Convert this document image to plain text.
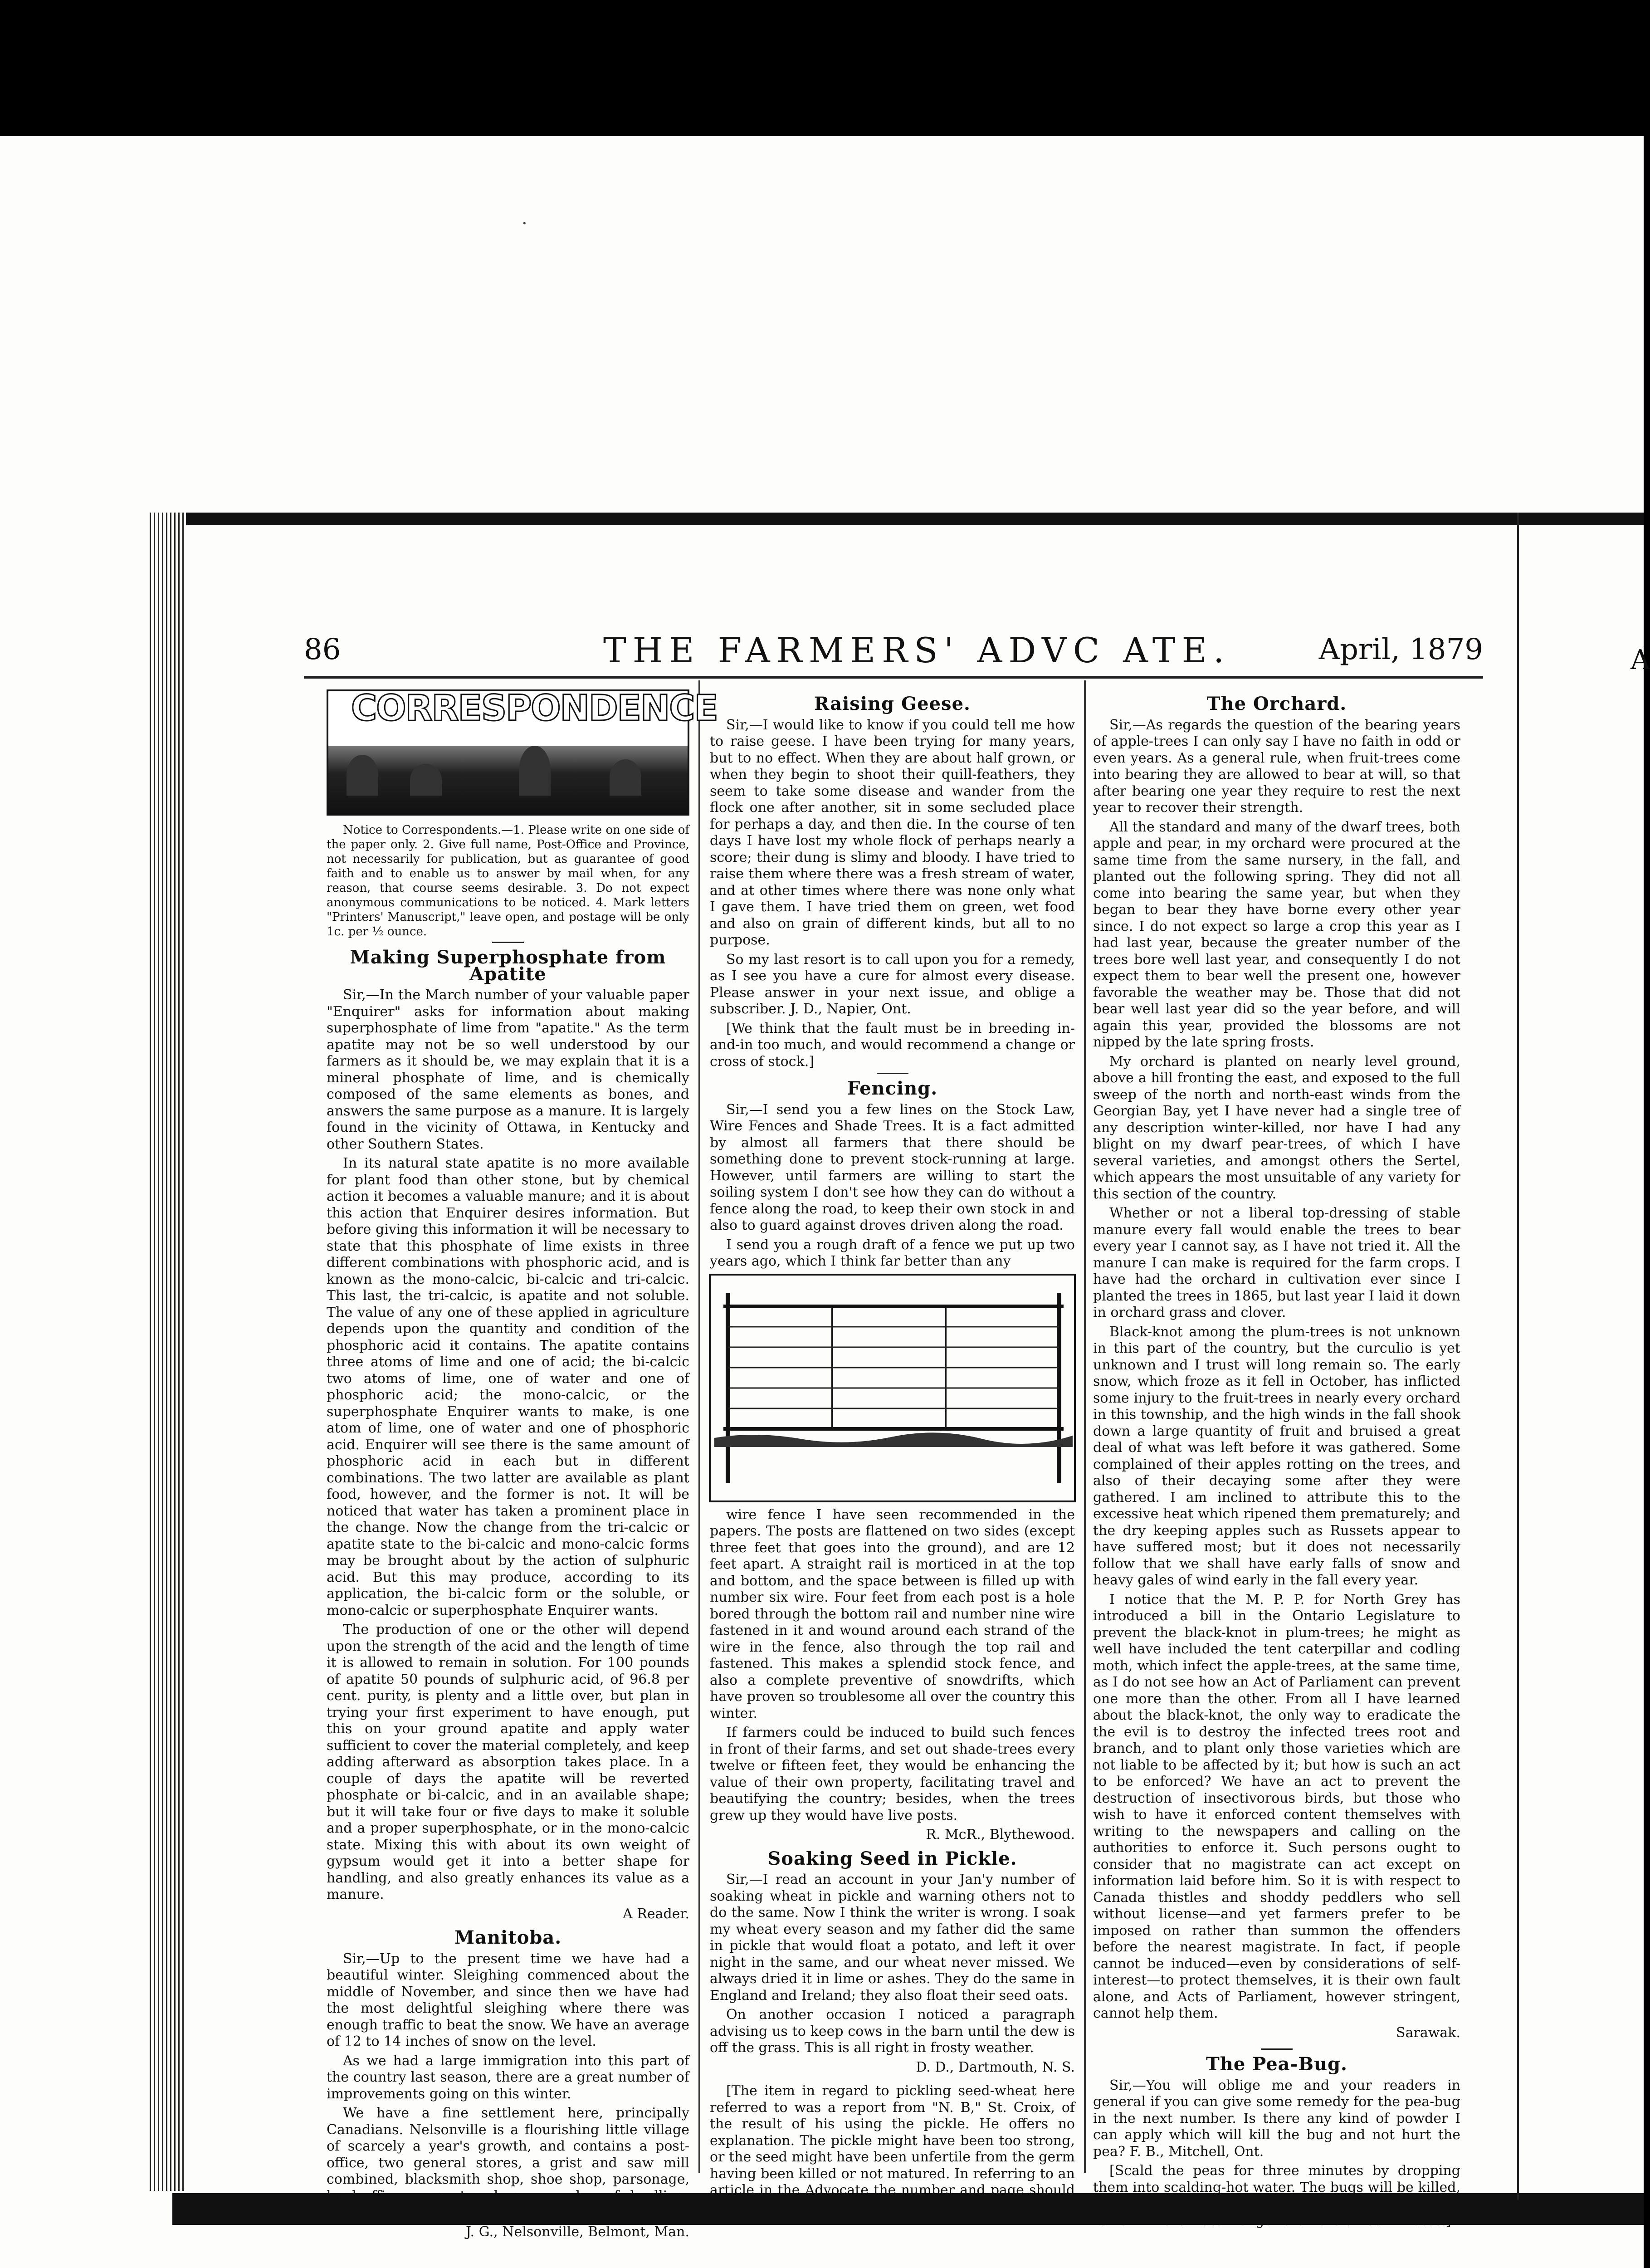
·
A
86	THE FARMERS' ADVC ATE.	April, 1879
CORRESPONDENCE

Notice to Correspondents.—1. Please write on one side of the paper only. 2. Give full name, Post-Office and Province, not necessarily for publication, but as guarantee of good faith and to enable us to answer by mail when, for any reason, that course seems desirable. 3. Do not expect anonymous communications to be noticed. 4. Mark letters "Printers' Manuscript," leave open, and postage will be only 1c. per ½ ounce.

Making Superphosphate from Apatite

Sir,—In the March number of your valuable paper "Enquirer" asks for information about making superphosphate of lime from "apatite." As the term apatite may not be so well understood by our farmers as it should be, we may explain that it is a mineral phosphate of lime, and is chemically composed of the same elements as bones, and answers the same purpose as a manure. It is largely found in the vicinity of Ottawa, in Kentucky and other Southern States.

In its natural state apatite is no more available for plant food than other stone, but by chemical action it becomes a valuable manure; and it is about this action that Enquirer desires information. But before giving this information it will be necessary to state that this phosphate of lime exists in three different combinations with phosphoric acid, and is known as the mono-calcic, bi-calcic and tri-calcic. This last, the tri-calcic, is apatite and not soluble. The value of any one of these applied in agriculture depends upon the quantity and condition of the phosphoric acid it contains. The apatite contains three atoms of lime and one of acid; the bi-calcic two atoms of lime, one of water and one of phosphoric acid; the mono-calcic, or the superphosphate Enquirer wants to make, is one atom of lime, one of water and one of phosphoric acid. Enquirer will see there is the same amount of phosphoric acid in each but in different combinations. The two latter are available as plant food, however, and the former is not. It will be noticed that water has taken a prominent place in the change. Now the change from the tri-calcic or apatite state to the bi-calcic and mono-calcic forms may be brought about by the action of sulphuric acid. But this may produce, according to its application, the bi-calcic form or the soluble, or mono-calcic or superphosphate Enquirer wants.

The production of one or the other will depend upon the strength of the acid and the length of time it is allowed to remain in solution. For 100 pounds of apatite 50 pounds of sulphuric acid, of 96.8 per cent. purity, is plenty and a little over, but plan in trying your first experiment to have enough, put this on your ground apatite and apply water sufficient to cover the material completely, and keep adding afterward as absorption takes place. In a couple of days the apatite will be reverted phosphate or bi-calcic, and in an available shape; but it will take four or five days to make it soluble and a proper superphosphate, or in the mono-calcic state. Mixing this with about its own weight of gypsum would get it into a better shape for handling, and also greatly enhances its value as a manure.

A Reader.

Manitoba.

Sir,—Up to the present time we have had a beautiful winter. Sleighing commenced about the middle of November, and since then we have had the most delightful sleighing where there was enough traffic to beat the snow. We have an average of 12 to 14 inches of snow on the level.

As we had a large immigration into this part of the country last season, there are a great number of improvements going on this winter.

We have a fine settlement here, principally Canadians. Nelsonville is a flourishing little village of scarcely a year's growth, and contains a post-office, two general stores, a grist and saw mill combined, blacksmith shop, shoe shop, parsonage, land office, carpenter shop, a number of dwelling-houses, and we have a doctor.

J. G., Nelsonville, Belmont, Man.

Raising Geese.

Sir,—I would like to know if you could tell me how to raise geese. I have been trying for many years, but to no effect. When they are about half grown, or when they begin to shoot their quill-feathers, they seem to take some disease and wander from the flock one after another, sit in some secluded place for perhaps a day, and then die. In the course of ten days I have lost my whole flock of perhaps nearly a score; their dung is slimy and bloody. I have tried to raise them where there was a fresh stream of water, and at other times where there was none only what I gave them. I have tried them on green, wet food and also on grain of different kinds, but all to no purpose.

So my last resort is to call upon you for a remedy, as I see you have a cure for almost every disease. Please answer in your next issue, and oblige a subscriber. J. D., Napier, Ont.

[We think that the fault must be in breeding in-and-in too much, and would recommend a change or cross of stock.]

Fencing.

Sir,—I send you a few lines on the Stock Law, Wire Fences and Shade Trees. It is a fact admitted by almost all farmers that there should be something done to prevent stock-running at large. However, until farmers are willing to start the soiling system I don't see how they can do without a fence along the road, to keep their own stock in and also to guard against droves driven along the road.

I send you a rough draft of a fence we put up two years ago, which I think far better than any

wire fence I have seen recommended in the papers. The posts are flattened on two sides (except three feet that goes into the ground), and are 12 feet apart. A straight rail is morticed in at the top and bottom, and the space between is filled up with number six wire. Four feet from each post is a hole bored through the bottom rail and number nine wire fastened in it and wound around each strand of the wire in the fence, also through the top rail and fastened. This makes a splendid stock fence, and also a complete preventive of snowdrifts, which have proven so troublesome all over the country this winter.

If farmers could be induced to build such fences in front of their farms, and set out shade-trees every twelve or fifteen feet, they would be enhancing the value of their own property, facilitating travel and beautifying the country; besides, when the trees grew up they would have live posts.

R. McR., Blythewood.

Soaking Seed in Pickle.

Sir,—I read an account in your Jan'y number of soaking wheat in pickle and warning others not to do the same. Now I think the writer is wrong. I soak my wheat every season and my father did the same in pickle that would float a potato, and left it over night in the same, and our wheat never missed. We always dried it in lime or ashes. They do the same in England and Ireland; they also float their seed oats.

On another occasion I noticed a paragraph advising us to keep cows in the barn until the dew is off the grass. This is all right in frosty weather.

D. D., Dartmouth, N. S.

[The item in regard to pickling seed-wheat here referred to was a report from "N. B," St. Croix, of the result of his using the pickle. He offers no explanation. The pickle might have been too strong, or the seed might have been unfertile from the germ having been killed or not matured. In referring to an article in the Advocate the number and page should be given.

The Orchard.

Sir,—As regards the question of the bearing years of apple-trees I can only say I have no faith in odd or even years. As a general rule, when fruit-trees come into bearing they are allowed to bear at will, so that after bearing one year they require to rest the next year to recover their strength.

All the standard and many of the dwarf trees, both apple and pear, in my orchard were procured at the same time from the same nursery, in the fall, and planted out the following spring. They did not all come into bearing the same year, but when they began to bear they have borne every other year since. I do not expect so large a crop this year as I had last year, because the greater number of the trees bore well last year, and consequently I do not expect them to bear well the present one, however favorable the weather may be. Those that did not bear well last year did so the year before, and will again this year, provided the blossoms are not nipped by the late spring frosts.

My orchard is planted on nearly level ground, above a hill fronting the east, and exposed to the full sweep of the north and north-east winds from the Georgian Bay, yet I have never had a single tree of any description winter-killed, nor have I had any blight on my dwarf pear-trees, of which I have several varieties, and amongst others the Sertel, which appears the most unsuitable of any variety for this section of the country.

Whether or not a liberal top-dressing of stable manure every fall would enable the trees to bear every year I cannot say, as I have not tried it. All the manure I can make is required for the farm crops. I have had the orchard in cultivation ever since I planted the trees in 1865, but last year I laid it down in orchard grass and clover.

Black-knot among the plum-trees is not unknown in this part of the country, but the curculio is yet unknown and I trust will long remain so. The early snow, which froze as it fell in October, has inflicted some injury to the fruit-trees in nearly every orchard in this township, and the high winds in the fall shook down a large quantity of fruit and bruised a great deal of what was left before it was gathered. Some complained of their apples rotting on the trees, and also of their decaying some after they were gathered. I am inclined to attribute this to the excessive heat which ripened them prematurely; and the dry keeping apples such as Russets appear to have suffered most; but it does not necessarily follow that we shall have early falls of snow and heavy gales of wind early in the fall every year.

I notice that the M. P. P. for North Grey has introduced a bill in the Ontario Legislature to prevent the black-knot in plum-trees; he might as well have included the tent caterpillar and codling moth, which infect the apple-trees, at the same time, as I do not see how an Act of Parliament can prevent one more than the other. From all I have learned about the black-knot, the only way to eradicate the the evil is to destroy the infected trees root and branch, and to plant only those varieties which are not liable to be affected by it; but how is such an act to be enforced? We have an act to prevent the destruction of insectivorous birds, but those who wish to have it enforced content themselves with writing to the newspapers and calling on the authorities to enforce it. Such persons ought to consider that no magistrate can act except on information laid before him. So it is with respect to Canada thistles and shoddy peddlers who sell without license—and yet farmers prefer to be imposed on rather than summon the offenders before the nearest magistrate. In fact, if people cannot be induced—even by considerations of self-interest—to protect themselves, it is their own fault alone, and Acts of Parliament, however stringent, cannot help them.

Sarawak.

The Pea-Bug.

Sir,—You will oblige me and your readers in general if you can give some remedy for the pea-bug in the next number. Is there any kind of powder I can apply which will kill the bug and not hurt the pea? F. B., Mitchell, Ont.

[Scald the peas for three minutes by dropping them into scalding-hot water. The bugs will be killed, but the peas will not be injured, unless allowed to remain in the water longer than the three minutes.]
